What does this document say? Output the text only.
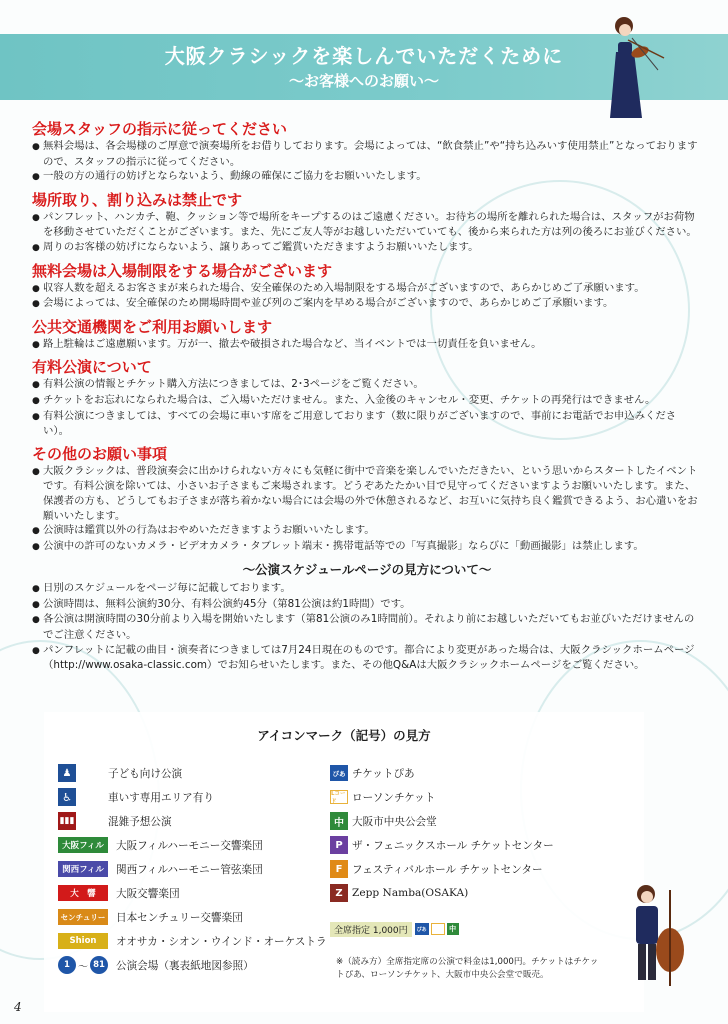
大阪クラシックを楽しんでいただくために
～お客様へのお願い～
会場スタッフの指示に従ってください
● 無料会場は、各会場様のご厚意で演奏場所をお借りしております。会場によっては、“飲食禁止”や“持ち込みいす使用禁止”となっておりますので、スタッフの指示に従ってください。
● 一般の方の通行の妨げとならないよう、動線の確保にご協力をお願いいたします。
場所取り、割り込みは禁止です
● パンフレット、ハンカチ、鞄、クッション等で場所をキープするのはご遠慮ください。お待ちの場所を離れられた場合は、スタッフがお荷物を移動させていただくことがございます。また、先にご友人等がお越しいただいていても、後から来られた方は列の後ろにお並びください。
● 周りのお客様の妨げにならないよう、譲りあってご鑑賞いただきますようお願いいたします。
無料会場は入場制限をする場合がございます
● 収容人数を超えるお客さまが来られた場合、安全確保のため入場制限をする場合がございますので、あらかじめご了承願います。
● 会場によっては、安全確保のため開場時間や並び列のご案内を早める場合がございますので、あらかじめご了承願います。
公共交通機関をご利用お願いします
● 路上駐輪はご遠慮願います。万が一、撤去や破損された場合など、当イベントでは一切責任を負いません。
有料公演について
● 有料公演の情報とチケット購入方法につきましては、2･3ページをご覧ください。
● チケットをお忘れになられた場合は、ご入場いただけません。また、入金後のキャンセル・変更、チケットの再発行はできません。
● 有料公演につきましては、すべての会場に車いす席をご用意しております（数に限りがございますので、事前にお電話でお申込みください）。
その他のお願い事項
● 大阪クラシックは、普段演奏会に出かけられない方々にも気軽に街中で音楽を楽しんでいただきたい、という思いからスタートしたイベントです。有料公演を除いては、小さいお子さまもご来場されます。どうぞあたたかい目で見守ってくださいますようお願いいたします。また、保護者の方も、どうしてもお子さまが落ち着かない場合には会場の外で休憩されるなど、お互いに気持ち良く鑑賞できるよう、お心遣いをお願いいたします。
● 公演時は鑑賞以外の行為はおやめいただきますようお願いいたします。
● 公演中の許可のないカメラ・ビデオカメラ・タブレット端末・携帯電話等での「写真撮影」ならびに「動画撮影」は禁止します。
～公演スケジュールページの見方について～
● 日別のスケジュールをページ毎に記載しております。
● 公演時間は、無料公演約30分、有料公演約45分（第81公演は約1時間）です。
● 各公演は開演時間の30分前より入場を開始いたします（第81公演のみ1時間前）。それより前にお越しいただいてもお並びいただけませんのでご注意ください。
● パンフレットに記載の曲目・演奏者につきましては7月24日現在のものです。都合により変更があった場合は、大阪クラシックホームページ（http://www.osaka-classic.com）でお知らせいたします。また、その他Q&Aは大阪クラシックホームページをご覧ください。
アイコンマーク（記号）の見方
♟	子ども向け公演
♿	車いす専用エリア有り
▮▮▮	混雑予想公演
大阪フィル	大阪フィルハーモニー交響楽団
関西フィル	関西フィルハーモニー管弦楽団
大　響	大阪交響楽団
センチュリー 日本センチュリー交響楽団
Shion	オオサカ・シオン・ウインド・オーケストラ
1 ～ 81 公演会場（裏表紙地図参照）
ぴあ チケットぴあ
Lコード	ローソンチケット
中 大阪市中央公会堂
P ザ・フェニックスホール チケットセンター
F フェスティバルホール チケットセンター
Z Zepp Namba(OSAKA)
全席指定 1,000円	ぴあ	中
※（読み方）全席指定席の公演で料金は1,000円。チケットはチケットぴあ、ローソンチケット、大阪市中央公会堂で販売。
4
